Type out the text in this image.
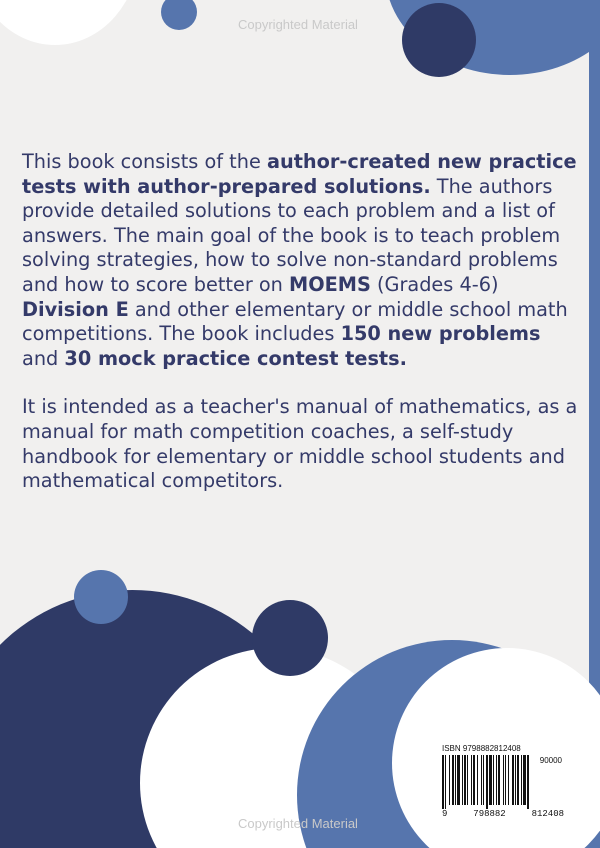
Copyrighted Material

This book consists of the author-created new practice tests with author-prepared solutions. The authors provide detailed solutions to each problem and a list of answers. The main goal of the book is to teach problem solving strategies, how to solve non-standard problems and how to score better on MOEMS (Grades 4-6) Division E and other elementary or middle school math competitions. The book includes 150 new problems and 30 mock practice contest tests.

It is intended as a teacher's manual of mathematics, as a manual for math competition coaches, a self-study handbook for elementary or middle school students and mathematical competitors.

Copyrighted Material
ISBN 9798882812408
90000
9	798882	812408
